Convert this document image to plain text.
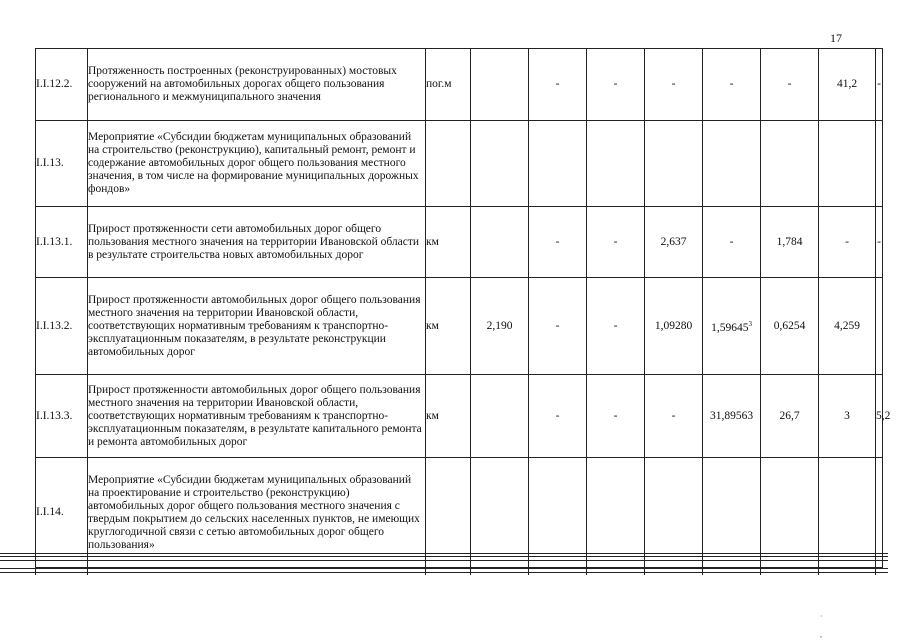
17
I.I.12.2.	Протяженность построенных (реконструированных) мостовых сооружений на автомобильных дорогах общего пользования регионального и межмуниципального значения	пог.м		-	-	-	-	-	41,2	-
I.I.13.	Мероприятие «Субсидии бюджетам муниципальных образований на строительство (реконструкцию), капитальный ремонт, ремонт и содержание автомобильных дорог общего пользования местного значения, в том числе на формирование муниципальных дорожных фондов»									
I.I.13.1.	Прирост протяженности сети автомобильных дорог общего пользования местного значения на территории Ивановской области в результате строительства новых автомобильных дорог	км		-	-	2,637	-	1,784	-	-
I.I.13.2.	Прирост протяженности автомобильных дорог общего пользования местного значения на территории Ивановской области, соответствующих нормативным требованиям к транспортно-эксплуатационным показателям, в результате реконструкции автомобильных дорог	км	2,190	-	-	1,09280	1,59645$^3$	0,6254	4,259	
I.I.13.3.	Прирост протяженности автомобильных дорог общего пользования местного значения на территории Ивановской области, соответствующих нормативным требованиям к транспортно-эксплуатационным показателям, в результате капитального ремонта и ремонта автомобильных дорог	км		-	-	-	31,89563	26,7	3	5,2
I.I.14.	Мероприятие «Субсидии бюджетам муниципальных образований на проектирование и строительство (реконструкцию) автомобильных дорог общего пользования местного значения с твердым покрытием до сельских населенных пунктов, не имеющих круглогодичной связи с сетью автомобильных дорог общего пользования»									
·

,
